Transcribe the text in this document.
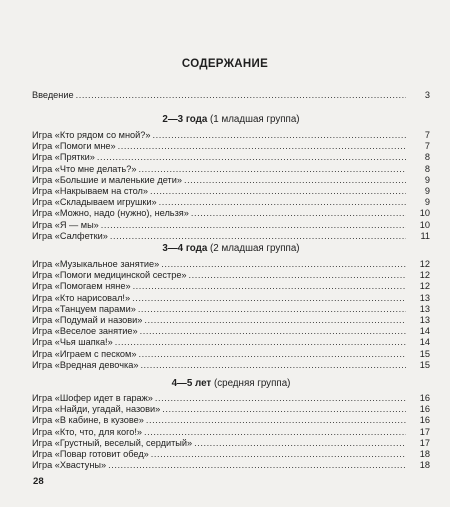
СОДЕРЖАНИЕ
Введение . . .	3
2—3 года (1 младшая группа)
Игра «Кто рядом со мной?» . . .	7
Игра «Помоги мне» . . .	7
Игра «Прятки» . . .	8
Игра «Что мне делать?» . . .	8
Игра «Большие и маленькие дети» . . .	9
Игра «Накрываем на стол» . . .	9
Игра «Складываем игрушки» . . .	9
Игра «Можно, надо (нужно), нельзя» . . .	10
Игра «Я — мы» . . .	10
Игра «Салфетки» . . .	11
3—4 года (2 младшая группа)
Игра «Музыкальное занятие» . . .	12
Игра «Помоги медицинской сестре» . . .	12
Игра «Помогаем няне» . . .	12
Игра «Кто нарисовал!» . . .	13
Игра «Танцуем парами» . . .	13
Игра «Подумай и назови» . . .	13
Игра «Веселое занятие» . . .	14
Игра «Чья шапка!» . . .	14
Игра «Играем с песком» . . .	15
Игра «Вредная девочка» . . .	15
4—5 лет (средняя группа)
Игра «Шофер идет в гараж» . . .	16
Игра «Найди, угадай, назови» . . .	16
Игра «В кабине, в кузове» . . .	16
Игра «Кто, что, для кого!» . . .	17
Игра «Грустный, веселый, сердитый» . . .	17
Игра «Повар готовит обед» . . .	18
Игра «Хвастуны» . . .	18
28
